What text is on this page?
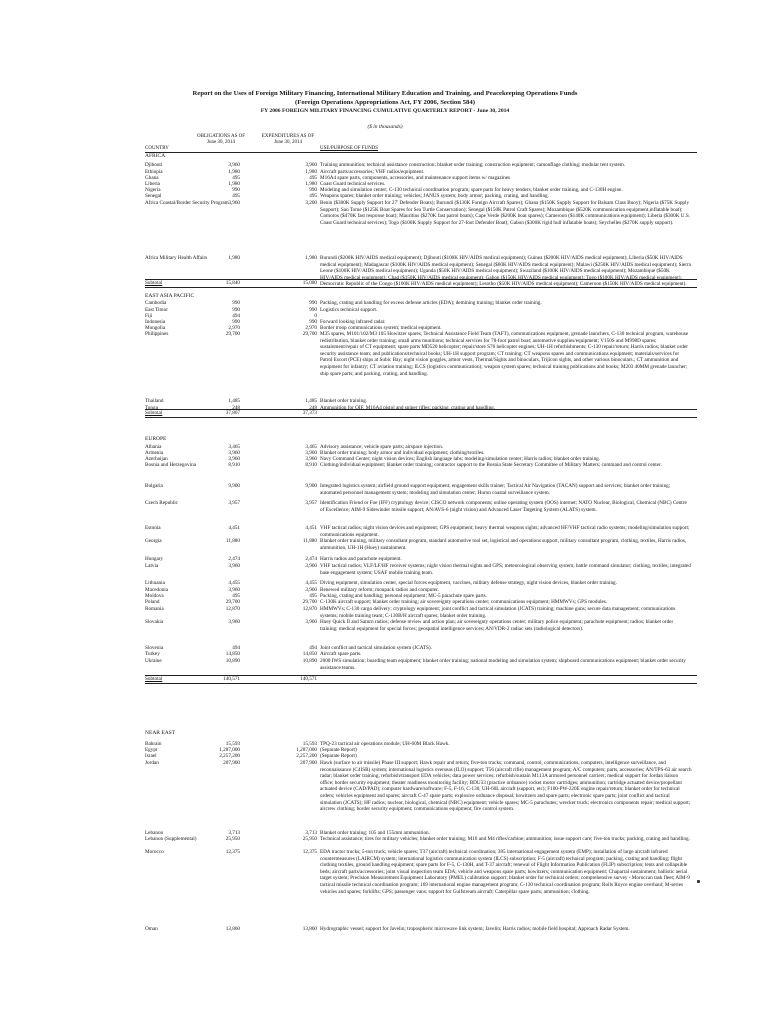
Report on the Uses of Foreign Military Financing, International Military Education and Training, and Peacekeeping Operations Funds
(Foreign Operations Appropriations Act, FY 2006, Section 584)
FY 2006 FOREIGN MILITARY FINANCING CUMULATIVE QUARTERLY REPORT - June 30, 2014
($ in thousands)
OBLIGATIONS AS OF
June 30, 2014
EXPENDITURES AS OF
June 30, 2014
COUNTRY	USE/PURPOSE OF FUNDS
AFRICA
EAST ASIA PACIFIC
EUROPE
NEAR EAST
Djibouti	3,960	3,960 Training ammunition; technical assistance construction; blanket order training; construction equipment; camouflage clothing; modular tent system.
Ethiopia	1,980	1,980 Aircraft parts/accessories; VHF radios/equipment.
Ghana	495	495 M16A4 spare parts, components, accessories, and maintenance support items w/ magazines
Liberia	1,980	1,980 Coast Guard technical services.
Nigeria	990	990 Modeling and simulation center; C-130 technical coordination program; spare parts for heavy tenders, blanket order training, and C-130H engine.
Senegal	495	495 Weapons spares; blanket order training; vehicles; JANUS system; body armor; packing, crating, and handling.
Africa Coastal/Border Security Program 3,960	3,200 Benin ($300K Supply Support for 27' Defender Boats); Burundi ($130K Foreign Aircraft Spares); Ghana ($150K Supply Support for Balsam Class Buoy); Nigeria ($75K Supply Support); Sao Tome ($125K Boat Spares for Sea Turtle Conservation); Senegal ($150K Patrol Craft Spares); Mozambique ($520K communication equipment,inflatable boat); Comoros ($470K fast response boat); Mauritius ($270K fast patrol boats); Cape Verde ($200K boat spares); Cameroon ($140K communications equipment); Liberia ($300K U.S. Coast Guard technical services); Togo ($100K Supply Support for 27-foot Defender Boat); Gabon ($300K rigid hull inflatable boats); Seychelles ($270K supply support).
Africa Military Health Affairs	1,980	1,980 Burundi ($200K HIV/AIDS medical equipment); Djibouti ($100K HIV/AIDS medical equipment); Guinea ($200K HIV/AIDS medical equipment); Liberia ($50K HIV/AIDS medical equipment); Madagascar ($100K HIV/AIDS medical equipment); Senegal ($60K HIV/AIDS medical equipment); Malawi ($250K HIV/AIDS medical equipment); Sierra Leone ($100K HIV/AIDS medical equipment); Uganda ($50K HIV/AIDS medical equipment); Swaziland ($100K HIV/AIDS medical equipment); Mozambique ($50K HIV/AIDS medical equipment); Chad ($150K HIV/AIDS medical equipment); Gabon ($150K HIV/AIDS medical equipment); Togo ($100K HIV/AIDS medical equipment); Democratic Republic of the Congo ($100K HIV/AIDS medical equipment); Lesotho ($50K HIV/AIDS medical equipment); Cameroon ($150K HIV/AIDS medical equipment).
Subtotal	15,840	15,080
Cambodia	990	990 Packing, crating and handling for excess defense articles (EDA); demining training; blanket order training.
East Timor	990	990 Logistics technical support.
Fiji	494	0
Indonesia	990	990 Forward looking infrared radar.
Mongolia	2,970	2,970 Border troop communications system; medical equipment.
Philippines	29,700	29,700 M35 spares, M101/102/M3 105 Howitzer spares, Technical Assistance Field Team (TAFT), communications equipment, grenade launchers, C-130 technical program, warehouse redistribution, blanket order training; small arms munitions; technical services for 78-foot patrol boat; automotive supplies/equipment; V150S and M998D spares; sustainment/repair of CT equipment; spare parts MD520 helicopter; repair/store S76 helicopter engines; UH-1H refurbishments; C-130 repair/return; Harris radios; blanket order security assistance team; and publications/technical books; UH-1H support program; CT training; CT weapons spares and communications equipment; materials/services for Patrol Escort (PCE) ships at Subic Bay; night vision goggles, armor vests, Thermal/Sights and binoculars, Trijicon sights, and other various binoculars.; CT ammunition and equipment for infantry; CT aviation training; ILCS (logistics communication); weapon system spares; technical training publications and books; M203 40MM grenade launcher; ship spare parts; and packing, crating, and handling.
Thailand	1,485	1,485 Blanket order training.
Tonga	248	248 Ammunition for OIF, M16A4 pistol and sniper rifles; packing, crating and handling.
Subtotal	37,867	37,373
Albania	3,465	3,465 Advisory assistance; vehicle spare parts; airspace injection.
Armenia	3,960	3,960 Blanket order training; body armor and individual equipment; clothing/textiles.
Azerbaijan	3,960	3,960 Navy Command Center; night vision devices; English language labs; modeling/simulation center; Harris radios; blanket order training.
Bosnia and Herzegovina	8,910	8,910 Clothing/individual equipment; blanket order training; contractor support to the Bosnia State Secretary Committee of Military Matters; command and control center.
Bulgaria	9,900	9,900 Integrated logistics system; airfield ground support equipment; engagement skills trainer; Tactical Air Navigation (TACAN) support and services; blanket order training; automated personnel management system; modeling and simulation center; Huron coastal surveillance system.
Czech Republic	3,957	3,957 Identification Friend or Foe (IFF) cryptology device; CISCO network components; online operating system (OOS) internet; NATO Nuclear, Biological, Chemical (NBC) Centre of Excellence; AIM-9 Sidewinder missile support; AN/AVS-6 (night vision) and Advanced Laser Targeting System (ALATS) system.
Estonia	4,451	4,451 VHF tactical radios; night vision devices and equipment; GPS equipment; heavy thermal weapons sights; advanced HF/VHF tactical radio systems; modeling/simulation support; communications equipment.
Georgia	11,880	11,880 Blanket order training, military consultant program, standard automotive tool set, logistical and operations support, military consultant program, clothing, textiles, Harris radios, ammunition, UH-1H (Huey) sustainment.
Hungary	2,474	2,474 Harris radios and parachute equipment.
Latvia	3,960	3,960 VHF tactical radios; VLF/LF/HF receiver systems; night vision thermal sights and GPS; meteorological observing system; battle command simulator; clothing, textiles; integrated base engagement system; USAF mobile training team.
Lithuania	4,455	4,455 Diving equipment, simulation center, special forces equipment, vaccines, military defense strategy, night vision devices, blanket order training.
Macedonia	3,960	3,960 Renewed military reform; moupack radios and computer.
Moldova	495	495 Packing, crating and handling; personal equipment; MC-5 parachute spare parts.
Poland	29,700	29,700 C-130K aircraft support; blanket order training; air sovereignty operations center; communications equipment; HMMWVs; GPS modules.
Romania	12,870	12,870 HMMWVs; C-130 cargo delivery; cryptology equipment; joint conflict and tactical simulation (JCATS) training; machine guns; secure data management; communications systems; mobile training team; C-130B/H aircraft spares; blanket order training.
Slovakia	3,960	3,960 Huey Quick II and Saturn radios; defense review and action plan; air sovereignty operations center; military police equipment; parachute equipment; radios; blanket order training; medical equipment for special forces; geospatial intelligence services; AN/VDR-2 radiac sets (radiological detectors).
Slovenia	494	494 Joint conflict and tactical simulation system (JCATS).
Turkey	14,850	14,850 Aircraft spare parts.
Ukraine	10,890	10,890 2000 IWS simulation; boarding team equipment; blanket order training; national modeling and simulation system; shipboard communications equipment; blanket order security assistance teams.
Subtotal	140,571	140,571
Bahrain	15,593	15,593 TPQ-23 tactical air operations module; UH-60M Black Hawk.
Egypt	1,287,000	1,287,000 (Separate Report)
Israel	2,257,200	2,257,200 (Separate Report)
Jordan	207,900	207,900 Hawk (surface to air missile) Phase III support; Hawk repair and return; five-ton trucks; command, control, communications, computers, intelligence surveillance, and reconnaissance (C4ISR) system; international logistics overseas (ILO) support; T56 (aircraft rifle) management program; A/C computers; parts, accessories; AN/TPS-63 air search radar; blanket order training; refurbish/transport EDA vehicles; data power services; refurbish/sustain M113A armored personnel carriers; medical support for Jordan liaison office; border security equipment; theater readiness monitoring facility; BDU33 (practice ordnance) rocket motor cartridges; ammunition; cartridge actuated device/propellant actuated device (CAD/PAD); computer hardware/software; F-5, F-16, C-130, UH-60L aircraft (support, etc); F100-PW-220E engine repair/return; blanket order for technical orders; vehicles equipment and spares; aircraft C-47 spare parts; explosive ordnance disposal; howitzers and spare parts; electronic spare parts; joint conflict and tactical simulation (JCATS); HF radios; nuclear, biological, chemical (NBC) equipment; vehicle spares; MC-5 parachutes; wrecker truck; electronics components repair; medical support; aircrew clothing; border security equipment; communications equipment; fire control system.
Lebanon	3,713	3,713 Blanket order training; 105 and 155mm ammunition.
Lebanon (Supplemental)	25,950	25,950 Technical assistance; tires for military vehicles; blanket order training; M16 and M4 rifles/carbine; ammunition; issue support care; five-ton trucks; packing, crating and handling.
Morocco	12,375	12,375 EDA tractor trucks; 5-ton truck; vehicle spares; T37 (aircraft) technical coordination; 385 international engagement system (EMP); installation of large aircraft infrared countermeasures (LAIRCM) system; international logistics communication system (ILCS) subscription; F-5 (aircraft) technical program; packing, crating and handling; flight clothing textiles, ground handling equipment; spare parts for F-5, C-130H, and T-37 aircraft; renewal of Flight Information Publication (FLIP) subscription; tents and collapsible beds; aircraft parts/accessories; joint visual inspection team EDA; vehicle and weapons spare parts; howitzers; communication equipment; Chaparral sustainment; ballistic aerial target system; Precision Measurement Equipment Laboratory (PMEL) calibration support; blanket order for technical orders; comprehensive survey - Moroccan task fleet; AIM-9 tactical missile technical coordination program; 169 international engine management program; C-130 technical coordination program; Rolls Royce engine overhaul; M-series vehicles and spares; forklifts; GPS; passenger vans; support for Gulfstream aircraft; Caterpillar spare parts; ammunition; clothing.
Oman	13,860	13,860 Hydrographic vessel; support for Javelin; tropospheric microwave link system; Javelin; Harris radios; mobile field hospital; Approach Radar System.
